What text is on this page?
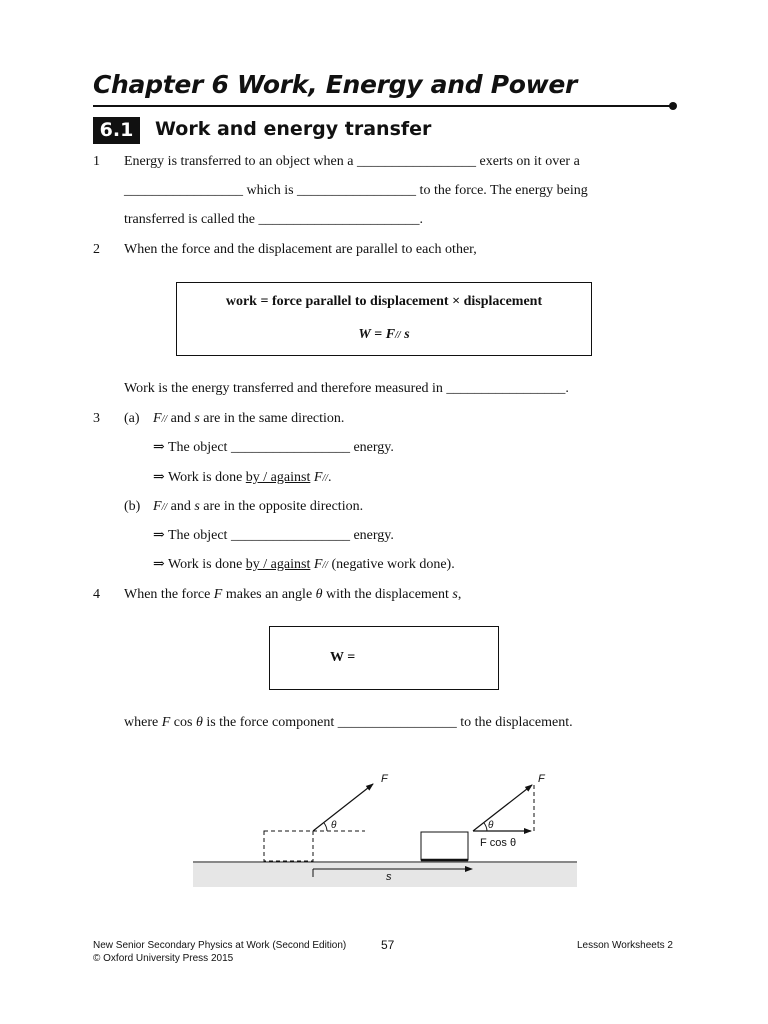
Chapter 6 Work, Energy and Power
6.1	Work and energy transfer
1 Energy is transferred to an object when a _________________ exerts on it over a
_________________ which is _________________ to the force. The energy being
transferred is called the _______________________.
2 When the force and the displacement are parallel to each other,
work = force parallel to displacement × displacement
W = F// s
Work is the energy transferred and therefore measured in _________________.
3 (a) F// and s are in the same direction.
⇒ The object _________________ energy.
⇒ Work is done by / against F//.
(b) F// and s are in the opposite direction.
⇒ The object _________________ energy.
⇒ Work is done by / against F// (negative work done).
4 When the force F makes an angle θ with the displacement s,
W =
where F cos θ is the force component _________________ to the displacement.
F	F
θ	θ
F cos θ
s
New Senior Secondary Physics at Work (Second Edition)
© Oxford University Press 2015
57	Lesson Worksheets 2
